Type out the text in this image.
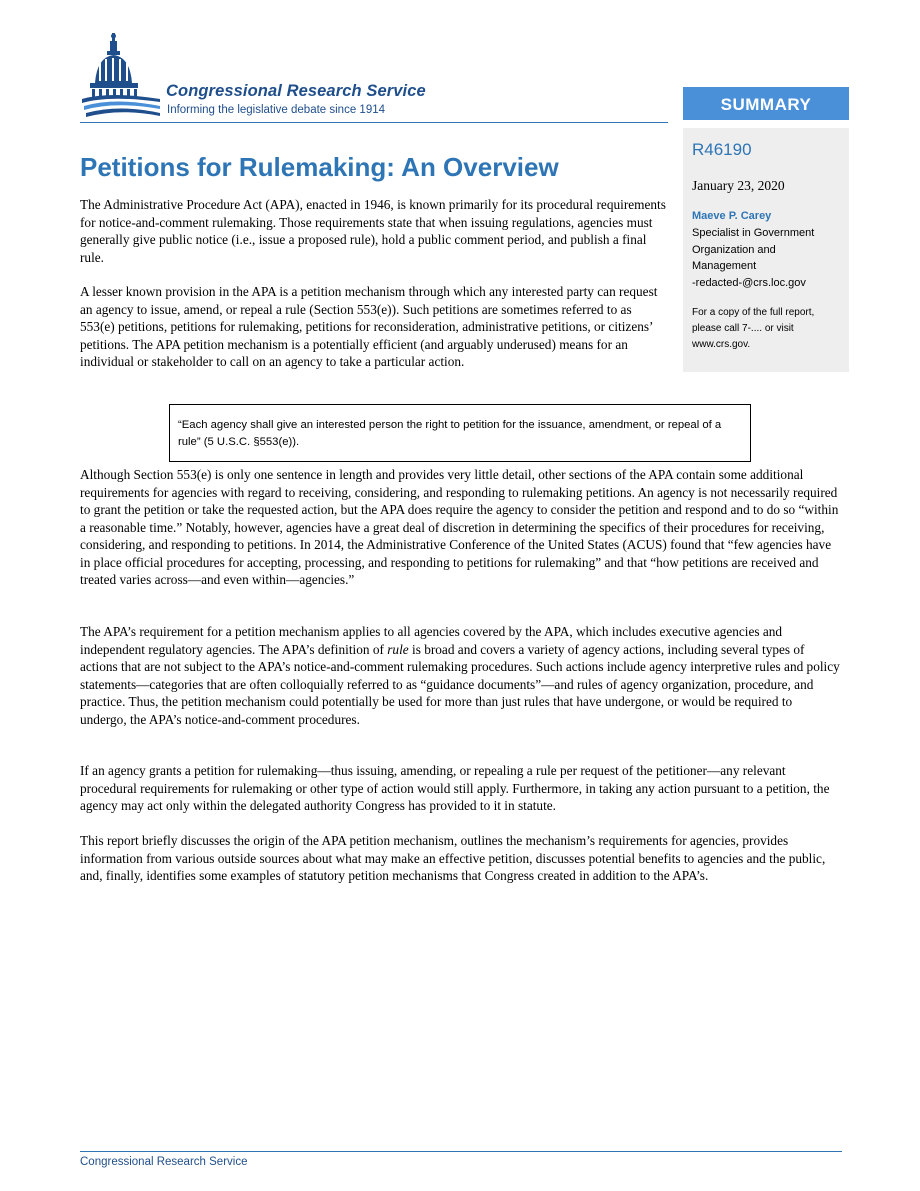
Congressional Research Service
Informing the legislative debate since 1914	SUMMARY
R46190
January 23, 2020
Maeve P. Carey
Specialist in Government Organization and Management
-redacted-@crs.loc.gov
For a copy of the full report, please call 7-.... or visit www.crs.gov.
Petitions for Rulemaking: An Overview

The Administrative Procedure Act (APA), enacted in 1946, is known primarily for its procedural requirements for notice-and-comment rulemaking. Those requirements state that when issuing regulations, agencies must generally give public notice (i.e., issue a proposed rule), hold a public comment period, and publish a final rule.

A lesser known provision in the APA is a petition mechanism through which any interested party can request an agency to issue, amend, or repeal a rule (Section 553(e)). Such petitions are sometimes referred to as 553(e) petitions, petitions for rulemaking, petitions for reconsideration, administrative petitions, or citizens’ petitions. The APA petition mechanism is a potentially efficient (and arguably underused) means for an individual or stakeholder to call on an agency to take a particular action.

“Each agency shall give an interested person the right to petition for the issuance, amendment, or repeal of a rule” (5 U.S.C. §553(e)).

Although Section 553(e) is only one sentence in length and provides very little detail, other sections of the APA contain some additional requirements for agencies with regard to receiving, considering, and responding to rulemaking petitions. An agency is not necessarily required to grant the petition or take the requested action, but the APA does require the agency to consider the petition and respond and to do so “within a reasonable time.” Notably, however, agencies have a great deal of discretion in determining the specifics of their procedures for receiving, considering, and responding to petitions. In 2014, the Administrative Conference of the United States (ACUS) found that “few agencies have in place official procedures for accepting, processing, and responding to petitions for rulemaking” and that “how petitions are received and treated varies across—and even within—agencies.”

The APA’s requirement for a petition mechanism applies to all agencies covered by the APA, which includes executive agencies and independent regulatory agencies. The APA’s definition of rule is broad and covers a variety of agency actions, including several types of actions that are not subject to the APA’s notice-and-comment rulemaking procedures. Such actions include agency interpretive rules and policy statements—categories that are often colloquially referred to as “guidance documents”—and rules of agency organization, procedure, and practice. Thus, the petition mechanism could potentially be used for more than just rules that have undergone, or would be required to undergo, the APA’s notice-and-comment procedures.

If an agency grants a petition for rulemaking—thus issuing, amending, or repealing a rule per request of the petitioner—any relevant procedural requirements for rulemaking or other type of action would still apply. Furthermore, in taking any action pursuant to a petition, the agency may act only within the delegated authority Congress has provided to it in statute.

This report briefly discusses the origin of the APA petition mechanism, outlines the mechanism’s requirements for agencies, provides information from various outside sources about what may make an effective petition, discusses potential benefits to agencies and the public, and, finally, identifies some examples of statutory petition mechanisms that Congress created in addition to the APA’s.

Congressional Research Service
